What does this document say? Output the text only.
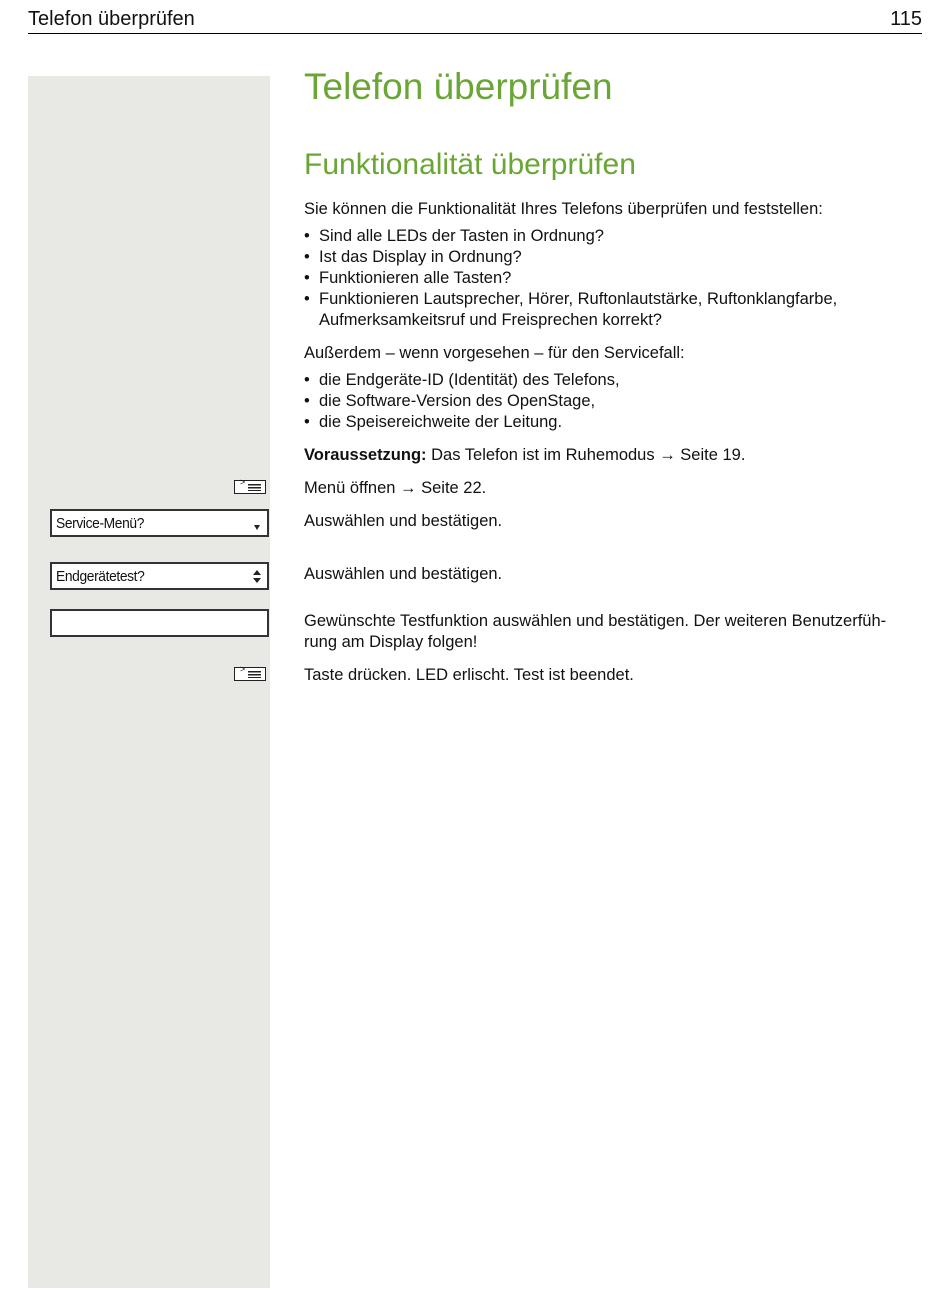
Telefon überprüfen	115
Telefon überprüfen
Funktionalität überprüfen
Sie können die Funktionalität Ihres Telefons überprüfen und feststellen:
• Sind alle LEDs der Tasten in Ordnung?
• Ist das Display in Ordnung?
• Funktionieren alle Tasten?
• Funktionieren Lautsprecher, Hörer, Ruftonlautstärke, Ruftonklangfarbe, Aufmerksamkeitsruf und Freisprechen korrekt?
Außerdem – wenn vorgesehen – für den Servicefall:
• die Endgeräte-ID (Identität) des Telefons,
• die Software-Version des OpenStage,
• die Speisereichweite der Leitung.
Voraussetzung: Das Telefon ist im Ruhemodus → Seite 19.
>	Menü öffnen → Seite 22.
Service-Menü?	Auswählen und bestätigen.
Endgerätetest?	Auswählen und bestätigen.
Gewünschte Testfunktion auswählen und bestätigen. Der weiteren Benutzerfüh-
rung am Display folgen!
>	Taste drücken. LED erlischt. Test ist beendet.
